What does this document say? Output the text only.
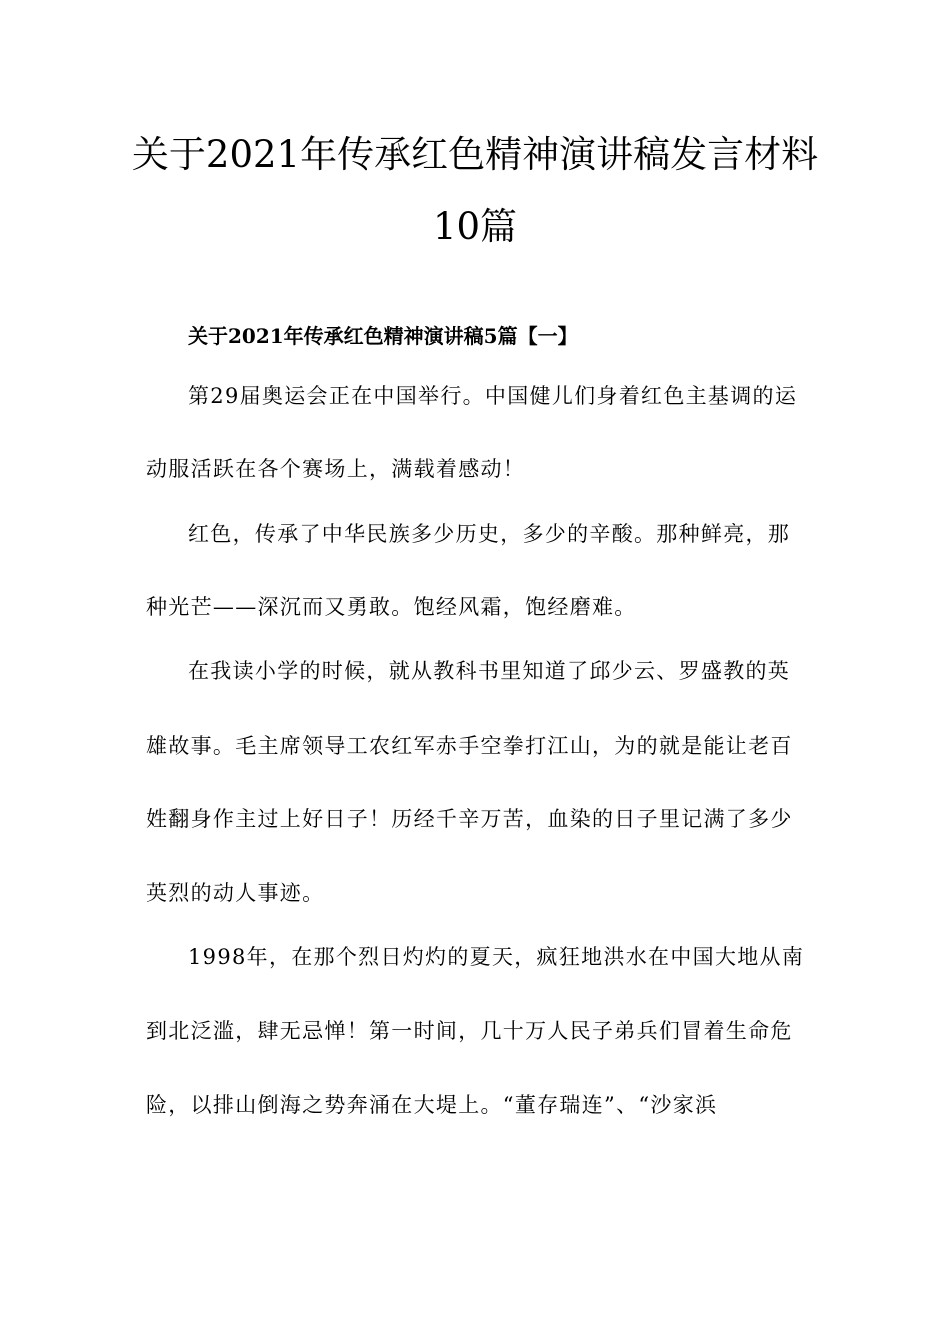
关于2021年传承红色精神演讲稿发言材料
10篇
关于2021年传承红色精神演讲稿5篇【一】

第29届奥运会正在中国举行。中国健儿们身着红色主基调的运

动服活跃在各个赛场上，满载着感动！

红色，传承了中华民族多少历史，多少的辛酸。那种鲜亮，那

种光芒——深沉而又勇敢。饱经风霜，饱经磨难。

在我读小学的时候，就从教科书里知道了邱少云、罗盛教的英

雄故事。毛主席领导工农红军赤手空拳打江山，为的就是能让老百

姓翻身作主过上好日子！历经千辛万苦，血染的日子里记满了多少

英烈的动人事迹。

1998年，在那个烈日灼灼的夏天，疯狂地洪水在中国大地从南

到北泛滥，肆无忌惮！第一时间，几十万人民子弟兵们冒着生命危

险，以排山倒海之势奔涌在大堤上。“董存瑞连”、“沙家浜
